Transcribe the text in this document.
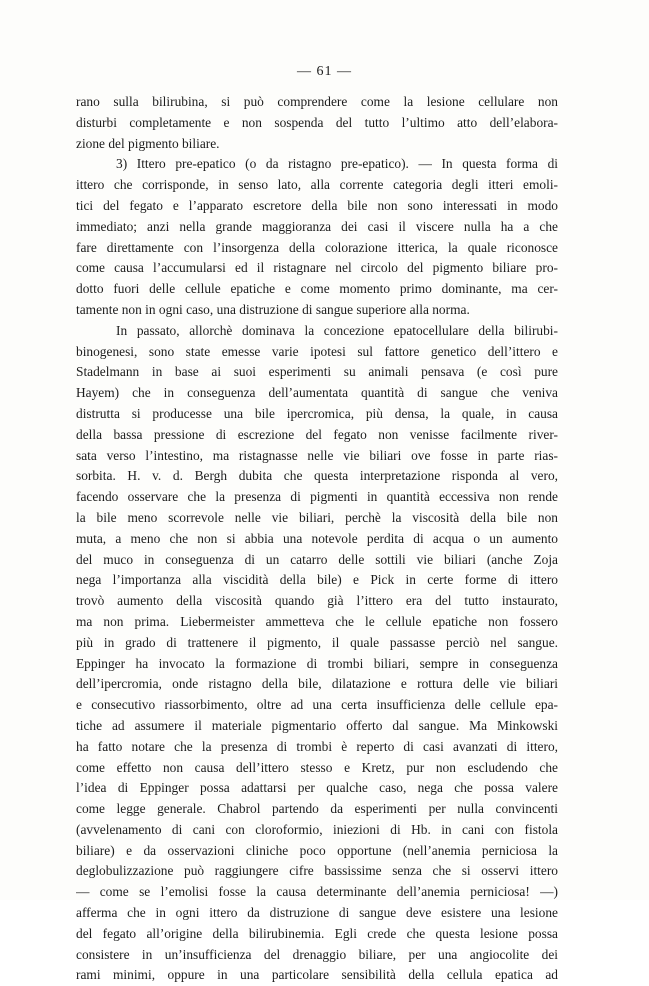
— 61 —
rano sulla bilirubina, si può comprendere come la lesione cellulare non
disturbi completamente e non sospenda del tutto l’ultimo atto dell’elabora-
zione del pigmento biliare.
3) Ittero pre-epatico (o da ristagno pre-epatico). — In questa forma di
ittero che corrisponde, in senso lato, alla corrente categoria degli itteri emoli-
tici del fegato e l’apparato escretore della bile non sono interessati in modo
immediato; anzi nella grande maggioranza dei casi il viscere nulla ha a che
fare direttamente con l’insorgenza della colorazione itterica, la quale riconosce
come causa l’accumularsi ed il ristagnare nel circolo del pigmento biliare pro-
dotto fuori delle cellule epatiche e come momento primo dominante, ma cer-
tamente non in ogni caso, una distruzione di sangue superiore alla norma.
In passato, allorchè dominava la concezione epatocellulare della bilirubi-
binogenesi, sono state emesse varie ipotesi sul fattore genetico dell’ittero e
Stadelmann in base ai suoi esperimenti su animali pensava (e così pure
Hayem) che in conseguenza dell’aumentata quantità di sangue che veniva
distrutta si producesse una bile ipercromica, più densa, la quale, in causa
della bassa pressione di escrezione del fegato non venisse facilmente river-
sata verso l’intestino, ma ristagnasse nelle vie biliari ove fosse in parte rias-
sorbita. H. v. d. Bergh dubita che questa interpretazione risponda al vero,
facendo osservare che la presenza di pigmenti in quantità eccessiva non rende
la bile meno scorrevole nelle vie biliari, perchè la viscosità della bile non
muta, a meno che non si abbia una notevole perdita di acqua o un aumento
del muco in conseguenza di un catarro delle sottili vie biliari (anche Zoja
nega l’importanza alla viscidità della bile) e Pick in certe forme di ittero
trovò aumento della viscosità quando già l’ittero era del tutto instaurato,
ma non prima. Liebermeister ammetteva che le cellule epatiche non fossero
più in grado di trattenere il pigmento, il quale passasse perciò nel sangue.
Eppinger ha invocato la formazione di trombi biliari, sempre in conseguenza
dell’ipercromia, onde ristagno della bile, dilatazione e rottura delle vie biliari
e consecutivo riassorbimento, oltre ad una certa insufficienza delle cellule epa-
tiche ad assumere il materiale pigmentario offerto dal sangue. Ma Minkowski
ha fatto notare che la presenza di trombi è reperto di casi avanzati di ittero,
come effetto non causa dell’ittero stesso e Kretz, pur non escludendo che
l’idea di Eppinger possa adattarsi per qualche caso, nega che possa valere
come legge generale. Chabrol partendo da esperimenti per nulla convincenti
(avvelenamento di cani con cloroformio, iniezioni di Hb. in cani con fistola
biliare) e da osservazioni cliniche poco opportune (nell’anemia perniciosa la
deglobulizzazione può raggiungere cifre bassissime senza che si osservi ittero
— come se l’emolisi fosse la causa determinante dell’anemia perniciosa! —)
afferma che in ogni ittero da distruzione di sangue deve esistere una lesione
del fegato all’origine della bilirubinemia. Egli crede che questa lesione possa
consistere in un’insufficienza del drenaggio biliare, per una angiocolite dei
rami minimi, oppure in una particolare sensibilità della cellula epatica ad
